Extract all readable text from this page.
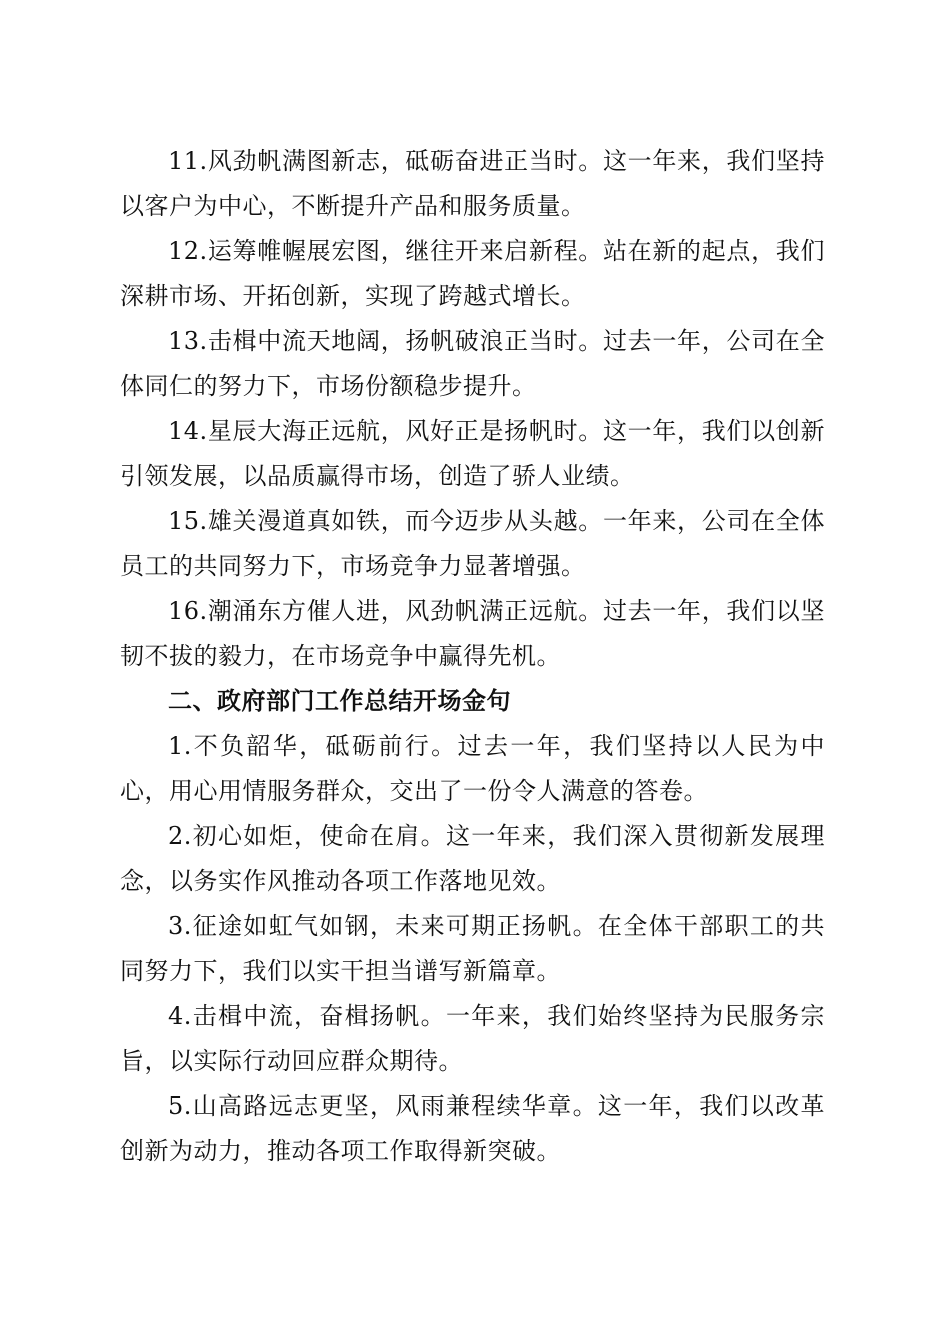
11.风劲帆满图新志，砥砺奋进正当时。这一年来，我们坚持以客户为中心，不断提升产品和服务质量。

12.运筹帷幄展宏图，继往开来启新程。站在新的起点，我们深耕市场、开拓创新，实现了跨越式增长。

13.击楫中流天地阔，扬帆破浪正当时。过去一年，公司在全体同仁的努力下，市场份额稳步提升。

14.星辰大海正远航，风好正是扬帆时。这一年，我们以创新引领发展，以品质赢得市场，创造了骄人业绩。

15.雄关漫道真如铁，而今迈步从头越。一年来，公司在全体员工的共同努力下，市场竞争力显著增强。

16.潮涌东方催人进，风劲帆满正远航。过去一年，我们以坚韧不拔的毅力，在市场竞争中赢得先机。

二、政府部门工作总结开场金句

1.不负韶华，砥砺前行。过去一年，我们坚持以人民为中心，用心用情服务群众，交出了一份令人满意的答卷。

2.初心如炬，使命在肩。这一年来，我们深入贯彻新发展理念，以务实作风推动各项工作落地见效。

3.征途如虹气如钢，未来可期正扬帆。在全体干部职工的共同努力下，我们以实干担当谱写新篇章。

4.击楫中流，奋楫扬帆。一年来，我们始终坚持为民服务宗旨，以实际行动回应群众期待。

5.山高路远志更坚，风雨兼程续华章。这一年，我们以改革创新为动力，推动各项工作取得新突破。
